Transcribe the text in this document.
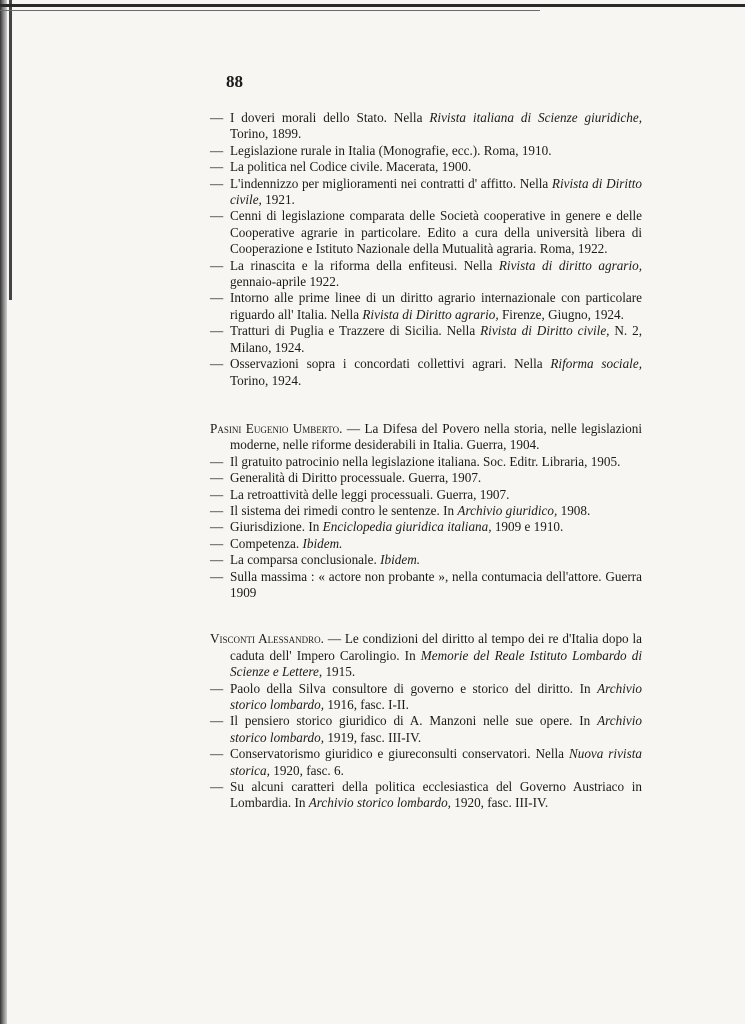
88

— I doveri morali dello Stato. Nella Rivista italiana di Scienze giuridiche, Torino, 1899.

— Legislazione rurale in Italia (Monografie, ecc.). Roma, 1910.

— La politica nel Codice civile. Macerata, 1900.

— L'indennizzo per miglioramenti nei contratti d' affitto. Nella Rivista di Diritto civile, 1921.

— Cenni di legislazione comparata delle Società cooperative in genere e delle Cooperative agrarie in particolare. Edito a cura della università libera di Cooperazione e Istituto Nazionale della Mutualità agraria. Roma, 1922.

— La rinascita e la riforma della enfiteusi. Nella Rivista di diritto agrario, gennaio-aprile 1922.

— Intorno alle prime linee di un diritto agrario internazionale con particolare riguardo all' Italia. Nella Rivista di Diritto agrario, Firenze, Giugno, 1924.

— Tratturi di Puglia e Trazzere di Sicilia. Nella Rivista di Diritto civile, N. 2, Milano, 1924.

— Osservazioni sopra i concordati collettivi agrari. Nella Riforma sociale, Torino, 1924.

Pasini Eugenio Umberto. — La Difesa del Povero nella storia, nelle legislazioni moderne, nelle riforme desiderabili in Italia. Guerra, 1904.

— Il gratuito patrocinio nella legislazione italiana. Soc. Editr. Libraria, 1905.

— Generalità di Diritto processuale. Guerra, 1907.

— La retroattività delle leggi processuali. Guerra, 1907.

— Il sistema dei rimedi contro le sentenze. In Archivio giuridico, 1908.

— Giurisdizione. In Enciclopedia giuridica italiana, 1909 e 1910.

— Competenza. Ibidem.

— La comparsa conclusionale. Ibidem.

— Sulla massima : « actore non probante », nella contumacia dell'attore. Guerra 1909

Visconti Alessandro. — Le condizioni del diritto al tempo dei re d'Italia dopo la caduta dell' Impero Carolingio. In Memorie del Reale Istituto Lombardo di Scienze e Lettere, 1915.

— Paolo della Silva consultore di governo e storico del diritto. In Archivio storico lombardo, 1916, fasc. I-II.

— Il pensiero storico giuridico di A. Manzoni nelle sue opere. In Archivio storico lombardo, 1919, fasc. III-IV.

— Conservatorismo giuridico e giureconsulti conservatori. Nella Nuova rivista storica, 1920, fasc. 6.

— Su alcuni caratteri della politica ecclesiastica del Governo Austriaco in Lombardia. In Archivio storico lombardo, 1920, fasc. III-IV.
